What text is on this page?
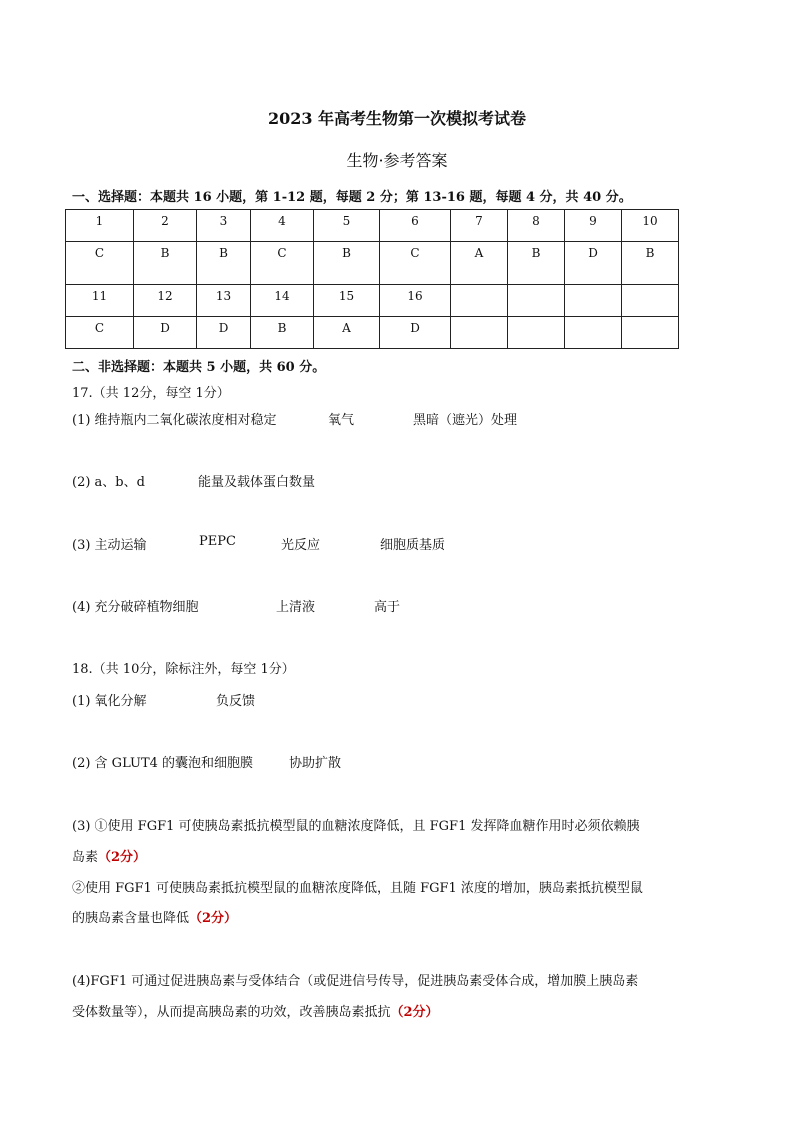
2023 年高考生物第一次模拟考试卷
生物·参考答案
一、选择题：本题共 16 小题，第 1-12 题，每题 2 分；第 13-16 题，每题 4 分，共 40 分。
1	2	3	4	5	6	7	8	9	10
C	B	B	C	B	C	A	B	D	B
11	12	13	14	15	16				
C	D	D	B	A	D				
二、非选择题：本题共 5 小题，共 60 分。
17.（共 12分，每空 1分）
(1) 维持瓶内二氧化碳浓度相对稳定	氧气	黑暗（遮光）处理
(2) a、b、d	能量及载体蛋白数量
(3) 主动运输	PEPC	光反应	细胞质基质
(4) 充分破碎植物细胞	上清液	高于
18.（共 10分，除标注外，每空 1分）
(1) 氧化分解	负反馈
(2) 含 GLUT4 的囊泡和细胞膜	协助扩散
(3) ①使用 FGF1 可使胰岛素抵抗模型鼠的血糖浓度降低，且 FGF1 发挥降血糖作用时必须依赖胰
岛素（2分）
②使用 FGF1 可使胰岛素抵抗模型鼠的血糖浓度降低，且随 FGF1 浓度的增加，胰岛素抵抗模型鼠
的胰岛素含量也降低（2分）
(4)FGF1 可通过促进胰岛素与受体结合（或促进信号传导，促进胰岛素受体合成，增加膜上胰岛素
受体数量等），从而提高胰岛素的功效，改善胰岛素抵抗（2分）
